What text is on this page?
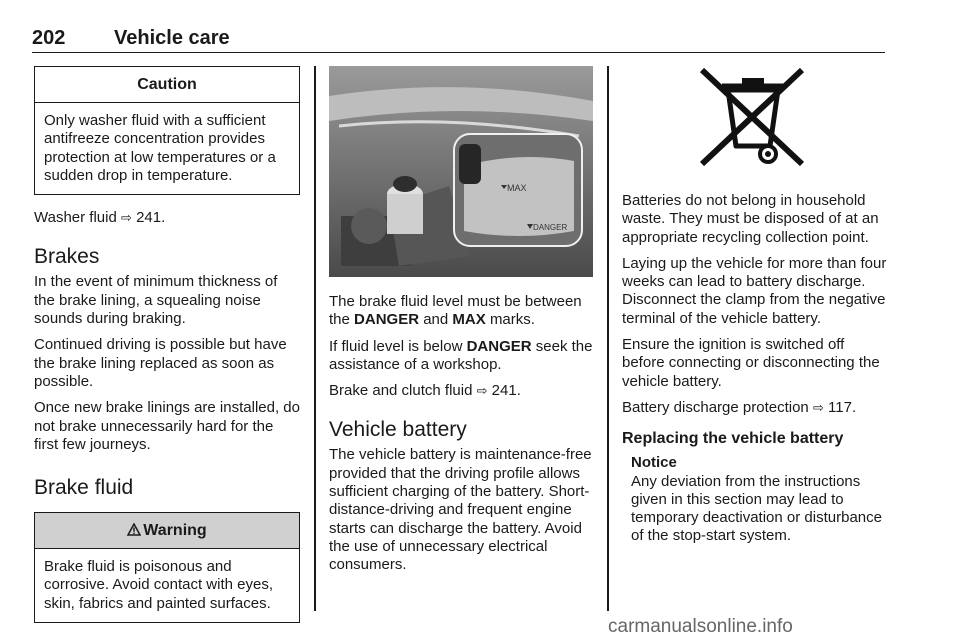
202 Vehicle care
Caution

Only washer fluid with a sufficient antifreeze concentration provides protection at low temperatures or a sudden drop in temperature.

Washer fluid ⇨ 241.

Brakes

In the event of minimum thickness of the brake lining, a squealing noise sounds during braking.

Continued driving is possible but have the brake lining replaced as soon as possible.

Once new brake linings are installed, do not brake unnecessarily hard for the first few journeys.

Brake fluid
Warning

Brake fluid is poisonous and corrosive. Avoid contact with eyes, skin, fabrics and painted surfaces.

MAX
DANGER

The brake fluid level must be between the DANGER and MAX marks.

If fluid level is below DANGER seek the assistance of a workshop.

Brake and clutch fluid ⇨ 241.

Vehicle battery

The vehicle battery is maintenance-free provided that the driving profile allows sufficient charging of the battery. Short-distance-driving and frequent engine starts can discharge the battery. Avoid the use of unnecessary electrical consumers.

Batteries do not belong in household waste. They must be disposed of at an appropriate recycling collection point.

Laying up the vehicle for more than four weeks can lead to battery discharge. Disconnect the clamp from the negative terminal of the vehicle battery.

Ensure the ignition is switched off before connecting or disconnecting the vehicle battery.

Battery discharge protection ⇨ 117.

Replacing the vehicle battery
Notice
Any deviation from the instructions given in this section may lead to temporary deactivation or disturbance of the stop-start system.
carmanualsonline.info
